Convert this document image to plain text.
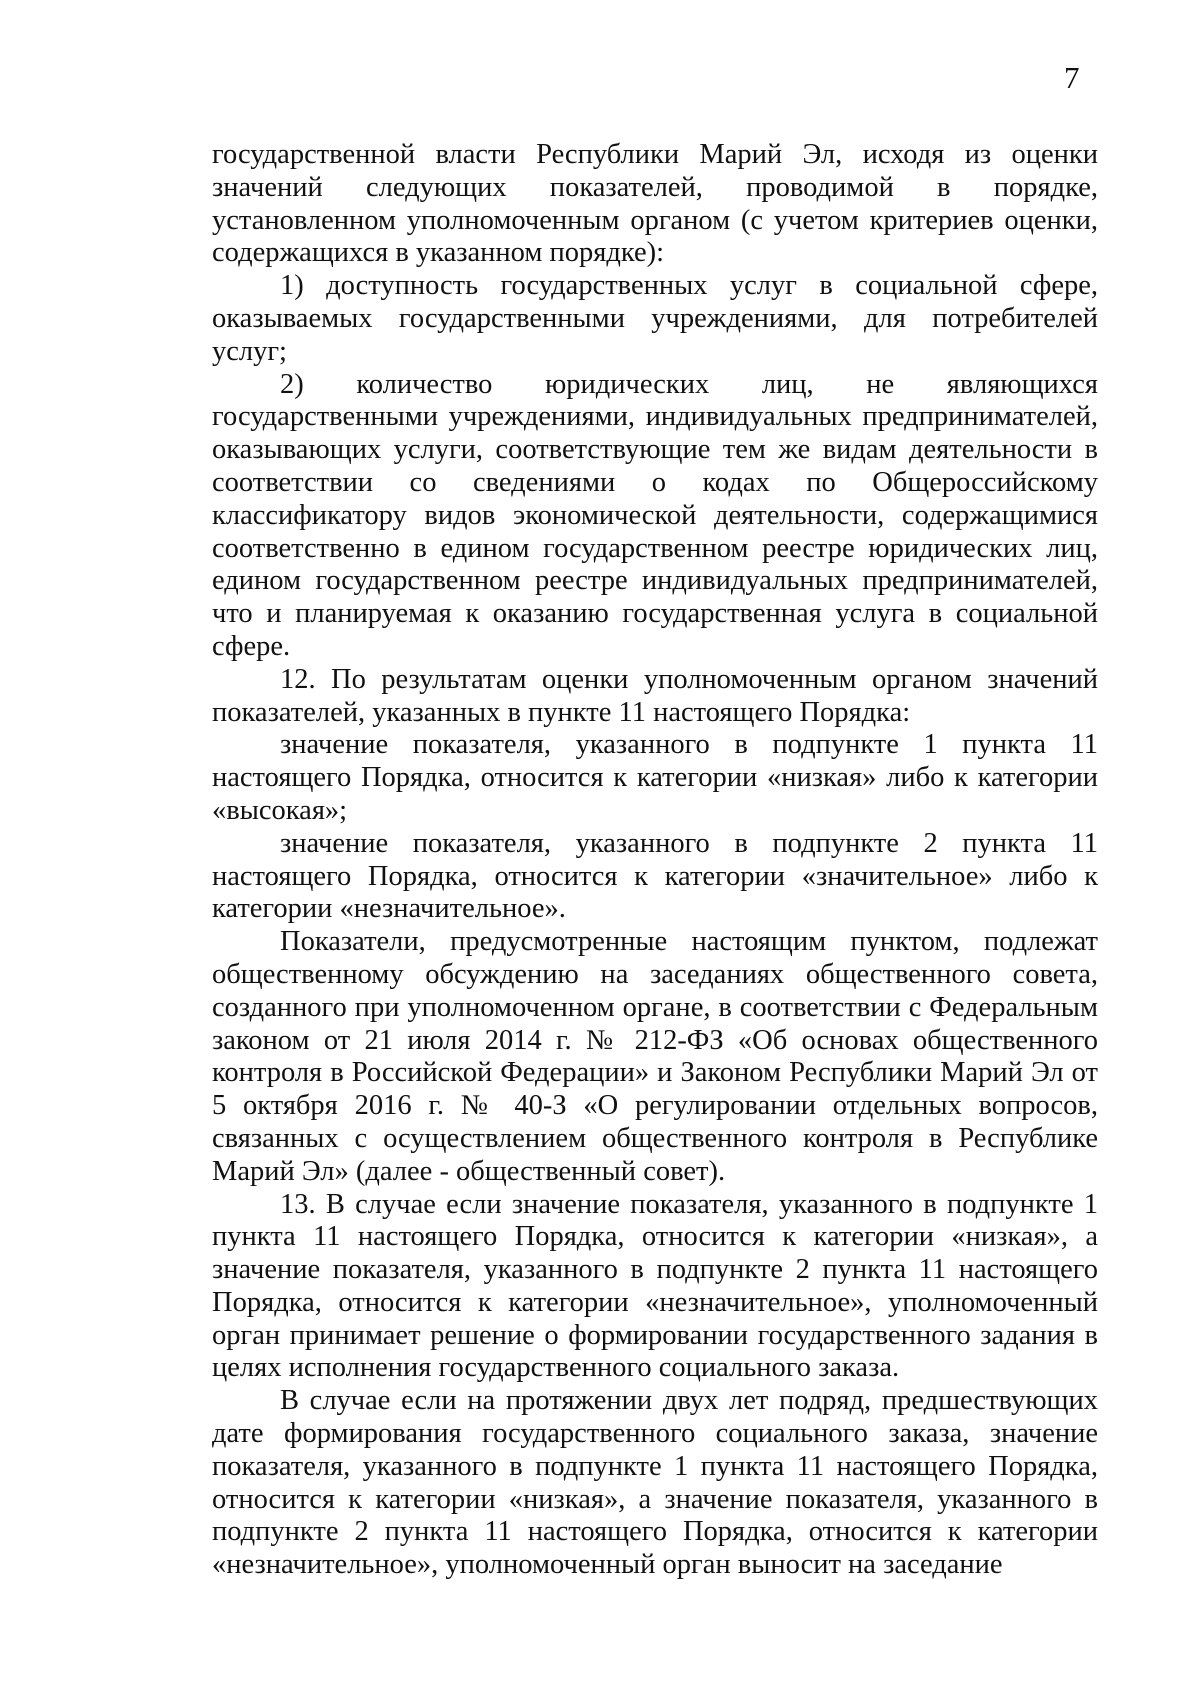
7

государственной власти Республики Марий Эл, исходя из оценки значений следующих показателей, проводимой в порядке, установленном уполномоченным органом (с учетом критериев оценки, содержащихся в указанном порядке):

1) доступность государственных услуг в социальной сфере, оказываемых государственными учреждениями, для потребителей услуг;

2) количество юридических лиц, не являющихся государственными учреждениями, индивидуальных предпринимателей, оказывающих услуги, соответствующие тем же видам деятельности в соответствии со сведениями о кодах по Общероссийскому классификатору видов экономической деятельности, содержащимися соответственно в едином государственном реестре юридических лиц, едином государственном реестре индивидуальных предпринимателей, что и планируемая к оказанию государственная услуга в социальной сфере.

12. По результатам оценки уполномоченным органом значений показателей, указанных в пункте 11 настоящего Порядка:

значение показателя, указанного в подпункте 1 пункта 11 настоящего Порядка, относится к категории «низкая» либо к категории «высокая»;

значение показателя, указанного в подпункте 2 пункта 11 настоящего Порядка, относится к категории «значительное» либо к категории «незначительное».

Показатели, предусмотренные настоящим пунктом, подлежат общественному обсуждению на заседаниях общественного совета, созданного при уполномоченном органе, в соответствии с Федеральным законом от 21 июля 2014 г. № 212-ФЗ «Об основах общественного контроля в Российской Федерации» и Законом Республики Марий Эл от 5 октября 2016 г. № 40-З «О регулировании отдельных вопросов, связанных с осуществлением общественного контроля в Республике Марий Эл» (далее - общественный совет).

13. В случае если значение показателя, указанного в подпункте 1 пункта 11 настоящего Порядка, относится к категории «низкая», а значение показателя, указанного в подпункте 2 пункта 11 настоящего Порядка, относится к категории «незначительное», уполномоченный орган принимает решение о формировании государственного задания в целях исполнения государственного социального заказа.

В случае если на протяжении двух лет подряд, предшествующих дате формирования государственного социального заказа, значение показателя, указанного в подпункте 1 пункта 11 настоящего Порядка, относится к категории «низкая», а значение показателя, указанного в подпункте 2 пункта 11 настоящего Порядка, относится к категории «незначительное», уполномоченный орган выносит на заседание
